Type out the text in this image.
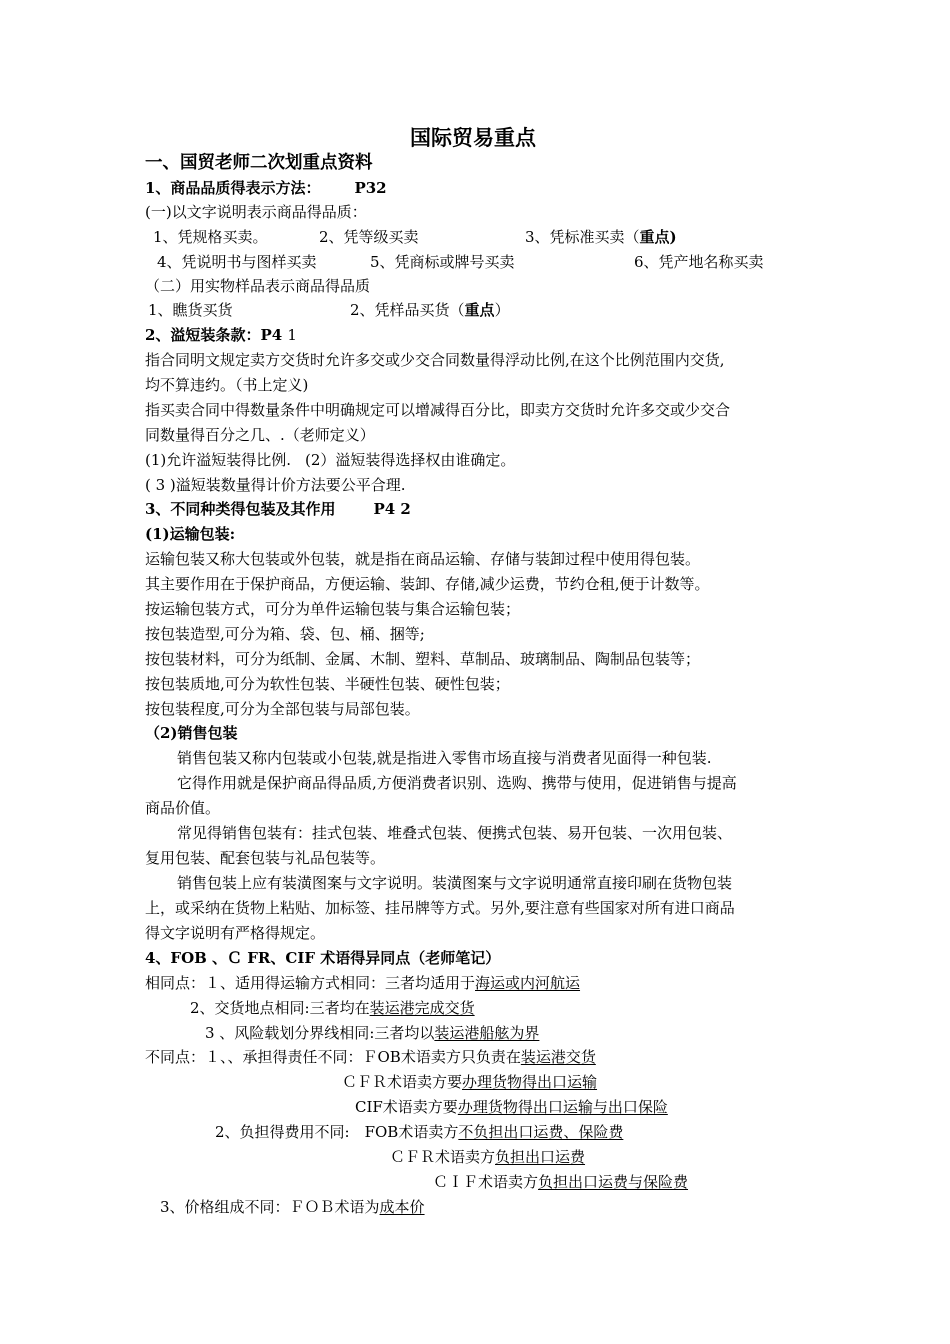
国际贸易重点
一、国贸老师二次划重点资料
1、商品品质得表示方法： P32
(一)以文字说明表示商品得品质：
1、凭规格买卖。	2、凭等级买卖	3、凭标准买卖（重点)
4、凭说明书与图样买卖	5、凭商标或牌号买卖	6、凭产地名称买卖
（二）用实物样品表示商品得品质
1、瞧货买货	2、凭样品买货（重点）
2、溢短装条款：P4 1
指合同明文规定卖方交货时允许多交或少交合同数量得浮动比例,在这个比例范围内交货,
均不算违约。（书上定义)
指买卖合同中得数量条件中明确规定可以增减得百分比，即卖方交货时允许多交或少交合
同数量得百分之几、.（老师定义）
(1)允许溢短装得比例. (2）溢短装得选择权由谁确定。
( 3 )溢短装数量得计价方法要公平合理.
3、不同种类得包装及其作用	P4 2
(1)运输包装:
运输包装又称大包装或外包装，就是指在商品运输、存储与装卸过程中使用得包装。
其主要作用在于保护商品，方便运输、装卸、存储,减少运费，节约仓租,便于计数等。
按运输包装方式，可分为单件运输包装与集合运输包装；
按包装造型,可分为箱、袋、包、桶、捆等;
按包装材料，可分为纸制、金属、木制、塑料、草制品、玻璃制品、陶制品包装等；
按包装质地,可分为软性包装、半硬性包装、硬性包装；
按包装程度,可分为全部包装与局部包装。
（2)销售包装
销售包装又称内包装或小包装,就是指进入零售市场直接与消费者见面得一种包装.
它得作用就是保护商品得品质,方便消费者识别、选购、携带与使用，促进销售与提高
商品价值。
常见得销售包装有：挂式包装、堆叠式包装、便携式包装、易开包装、一次用包装、
复用包装、配套包装与礼品包装等。
销售包装上应有装潢图案与文字说明。装潢图案与文字说明通常直接印刷在货物包装
上，或采纳在货物上粘贴、加标签、挂吊牌等方式。另外,要注意有些国家对所有进口商品
得文字说明有严格得规定。
4、FOB 、Ｃ FR、CIF 术语得异同点（老师笔记）
相同点：１、适用得运输方式相同：三者均适用于海运或内河航运
2、交货地点相同:三者均在装运港完成交货
3 、风险载划分界线相同:三者均以装运港船舷为界
不同点：１、、承担得责任不同：ＦOB术语卖方只负责在装运港交货
ＣＦＲ术语卖方要办理货物得出口运输
CIF术语卖方要办理货物得出口运输与出口保险
2、负担得费用不同:　FOB术语卖方不负担出口运费、保险费
ＣＦＲ术语卖方负担出口运费
ＣＩＦ术语卖方负担出口运费与保险费
3、价格组成不同：ＦＯＢ术语为成本价
